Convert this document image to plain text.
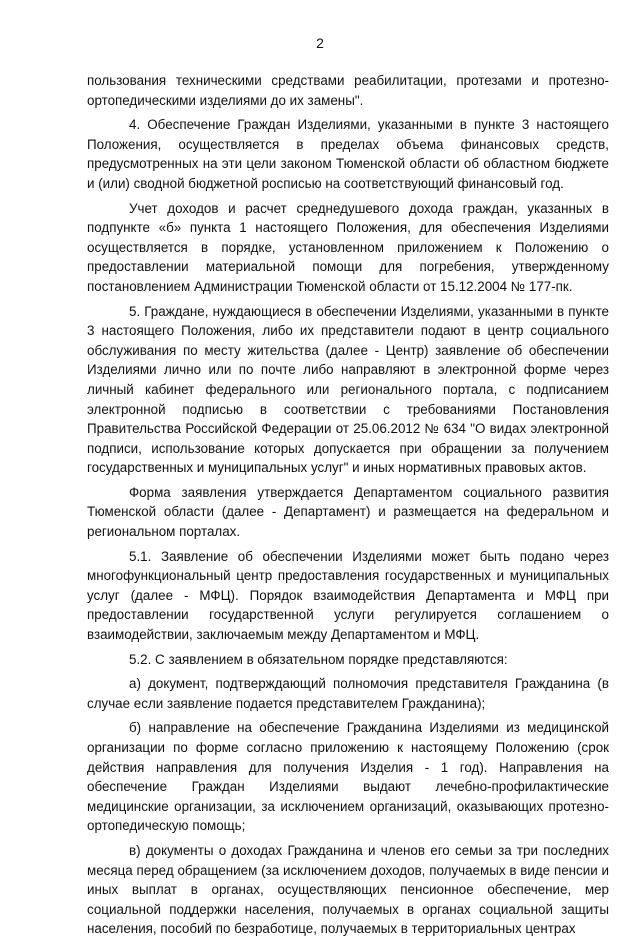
2

пользования техническими средствами реабилитации, протезами и протезно-ортопедическими изделиями до их замены".

4. Обеспечение Граждан Изделиями, указанными в пункте 3 настоящего Положения, осуществляется в пределах объема финансовых средств, предусмотренных на эти цели законом Тюменской области об областном бюджете и (или) сводной бюджетной росписью на соответствующий финансовый год.

Учет доходов и расчет среднедушевого дохода граждан, указанных в подпункте «б» пункта 1 настоящего Положения, для обеспечения Изделиями осуществляется в порядке, установленном приложением к Положению о предоставлении материальной помощи для погребения, утвержденному постановлением Администрации Тюменской области от 15.12.2004 № 177-пк.

5. Граждане, нуждающиеся в обеспечении Изделиями, указанными в пункте 3 настоящего Положения, либо их представители подают в центр социального обслуживания по месту жительства (далее - Центр) заявление об обеспечении Изделиями лично или по почте либо направляют в электронной форме через личный кабинет федерального или регионального портала, с подписанием электронной подписью в соответствии с требованиями Постановления Правительства Российской Федерации от 25.06.2012 № 634 "О видах электронной подписи, использование которых допускается при обращении за получением государственных и муниципальных услуг" и иных нормативных правовых актов.

Форма заявления утверждается Департаментом социального развития Тюменской области (далее - Департамент) и размещается на федеральном и региональном порталах.

5.1. Заявление об обеспечении Изделиями может быть подано через многофункциональный центр предоставления государственных и муниципальных услуг (далее - МФЦ). Порядок взаимодействия Департамента и МФЦ при предоставлении государственной услуги регулируется соглашением о взаимодействии, заключаемым между Департаментом и МФЦ.

5.2. С заявлением в обязательном порядке представляются:

а) документ, подтверждающий полномочия представителя Гражданина (в случае если заявление подается представителем Гражданина);

б) направление на обеспечение Гражданина Изделиями из медицинской организации по форме согласно приложению к настоящему Положению (срок действия направления для получения Изделия - 1 год). Направления на обеспечение Граждан Изделиями выдают лечебно-профилактические медицинские организации, за исключением организаций, оказывающих протезно-ортопедическую помощь;

в) документы о доходах Гражданина и членов его семьи за три последних месяца перед обращением (за исключением доходов, получаемых в виде пенсии и иных выплат в органах, осуществляющих пенсионное обеспечение, мер социальной поддержки населения, получаемых в органах социальной защиты населения, пособий по безработице, получаемых в территориальных центрах
